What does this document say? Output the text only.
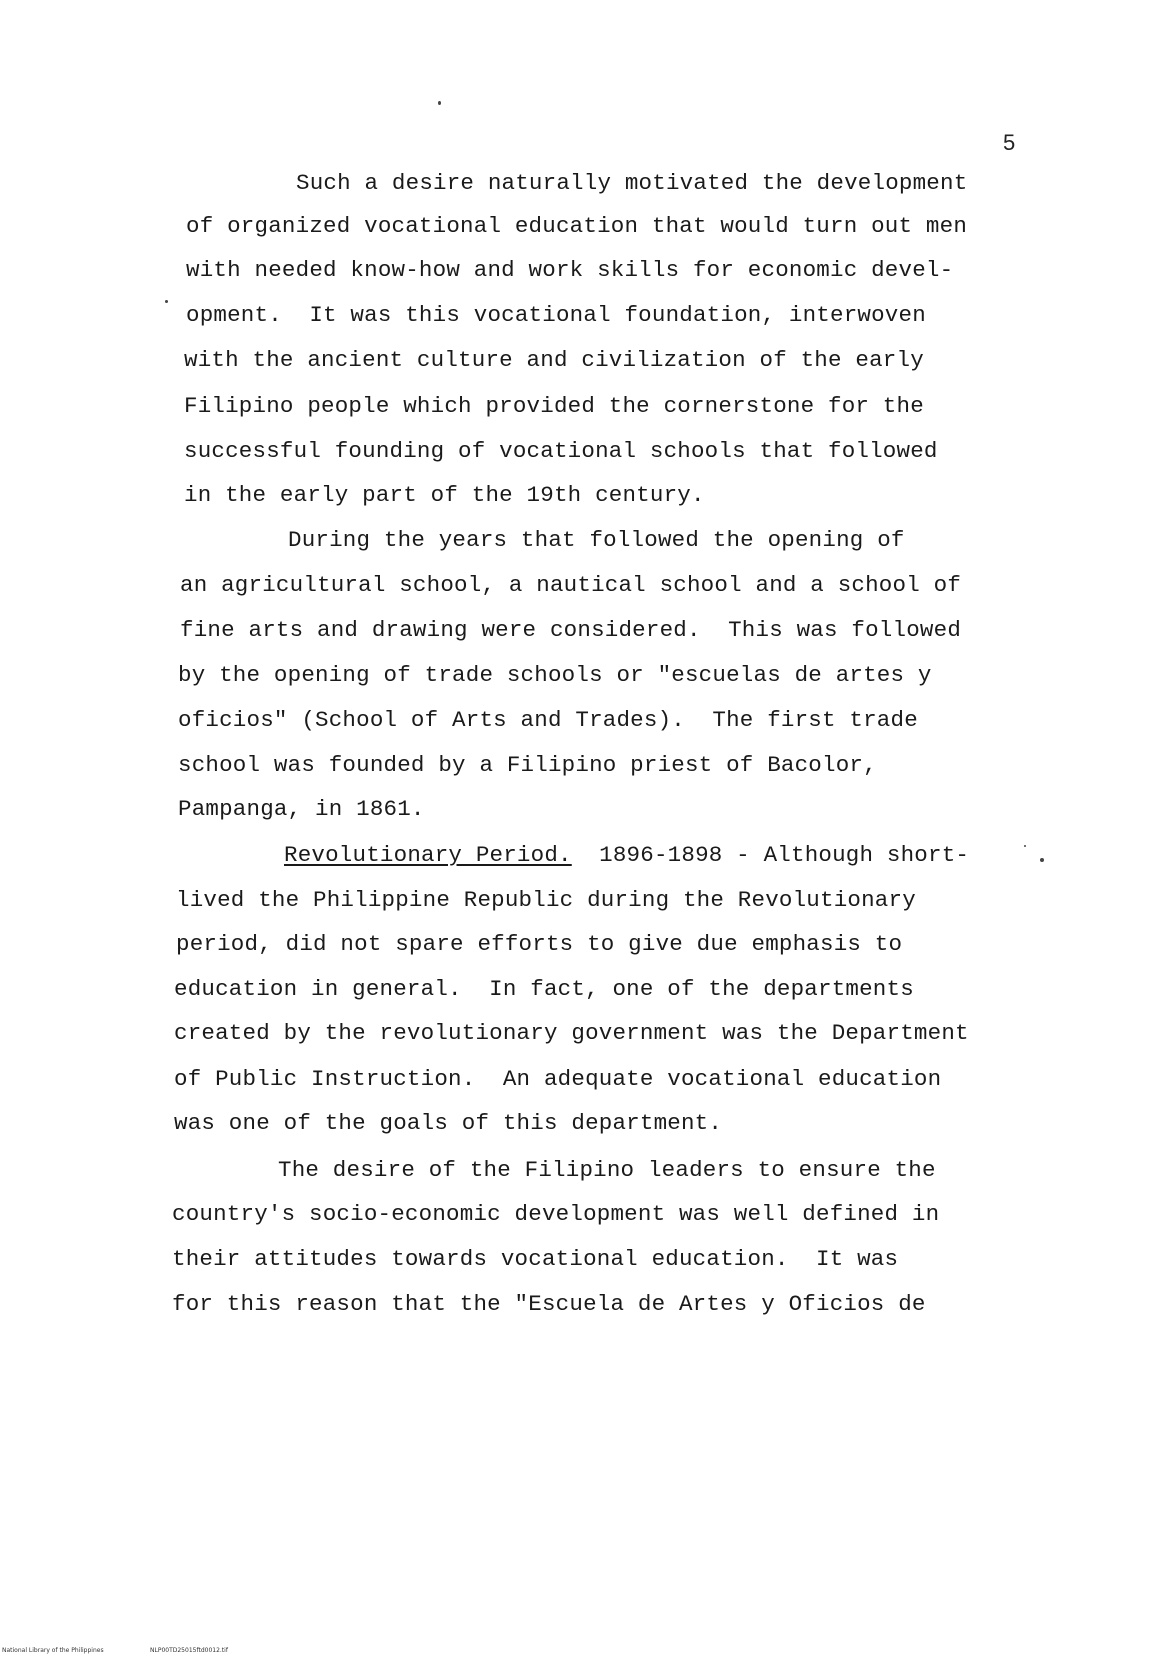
5
Such a desire naturally motivated the development
of organized vocational education that would turn out men
with needed know-how and work skills for economic devel-
opment.  It was this vocational foundation, interwoven
with the ancient culture and civilization of the early
Filipino people which provided the cornerstone for the
successful founding of vocational schools that followed
in the early part of the 19th century.
During the years that followed the opening of
an agricultural school, a nautical school and a school of
fine arts and drawing were considered.  This was followed
by the opening of trade schools or "escuelas de artes y
oficios" (School of Arts and Trades).  The first trade
school was founded by a Filipino priest of Bacolor,
Pampanga, in 1861.
Revolutionary Period. 1896-1898 - Although short-
lived the Philippine Republic during the Revolutionary
period, did not spare efforts to give due emphasis to
education in general.  In fact, one of the departments
created by the revolutionary government was the Department
of Public Instruction.  An adequate vocational education
was one of the goals of this department.
The desire of the Filipino leaders to ensure the
country's socio-economic development was well defined in
their attitudes towards vocational education.  It was
for this reason that the "Escuela de Artes y Oficios de
National Library of the Philippines	NLP00TD25015ftd0012.tif
